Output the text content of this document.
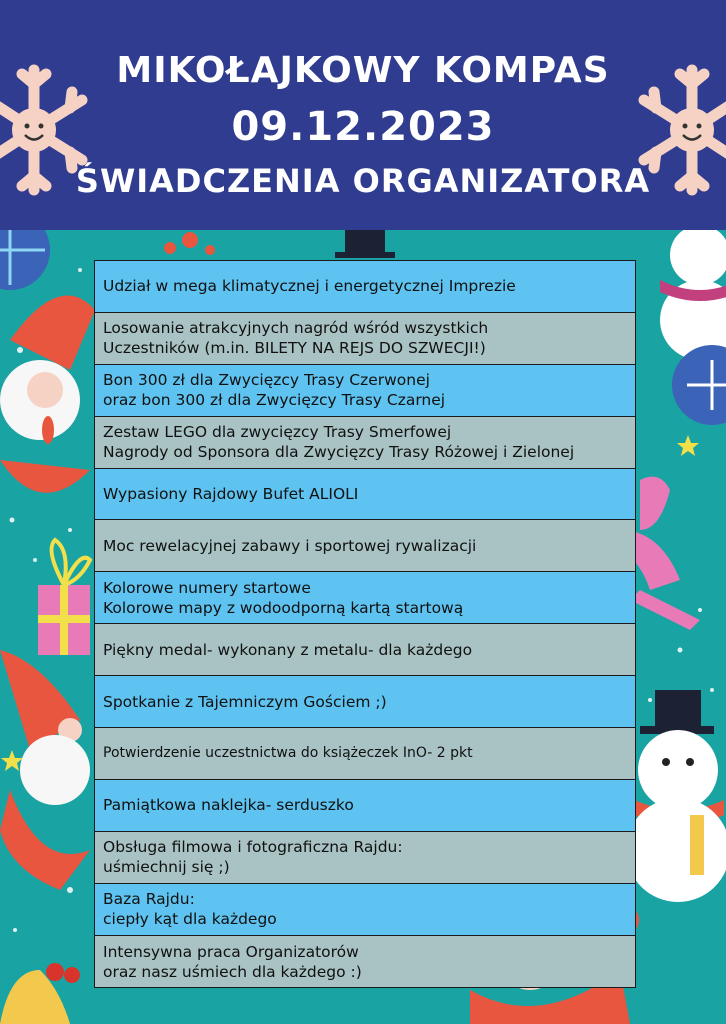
MIKOŁAJKOWY KOMPAS
09.12.2023
ŚWIADCZENIA ORGANIZATORA
Udział w mega klimatycznej i energetycznej Imprezie
Losowanie atrakcyjnych nagród wśród wszystkich
Uczestników (m.in. BILETY NA REJS DO SZWECJI!)
Bon 300 zł dla Zwycięzcy Trasy Czerwonej
oraz bon 300 zł dla Zwycięzcy Trasy Czarnej
Zestaw LEGO dla zwycięzcy Trasy Smerfowej
Nagrody od Sponsora dla Zwycięzcy Trasy Różowej i Zielonej
Wypasiony Rajdowy Bufet ALIOLI
Moc rewelacyjnej zabawy i sportowej rywalizacji
Kolorowe numery startowe
Kolorowe mapy z wodoodporną kartą startową
Piękny medal- wykonany z metalu- dla każdego
Spotkanie z Tajemniczym Gościem ;)
Potwierdzenie uczestnictwa do książeczek InO- 2 pkt
Pamiątkowa naklejka- serduszko
Obsługa filmowa i fotograficzna Rajdu:
uśmiechnij się ;)
Baza Rajdu:
ciepły kąt dla każdego
Intensywna praca Organizatorów
oraz nasz uśmiech dla każdego :)
